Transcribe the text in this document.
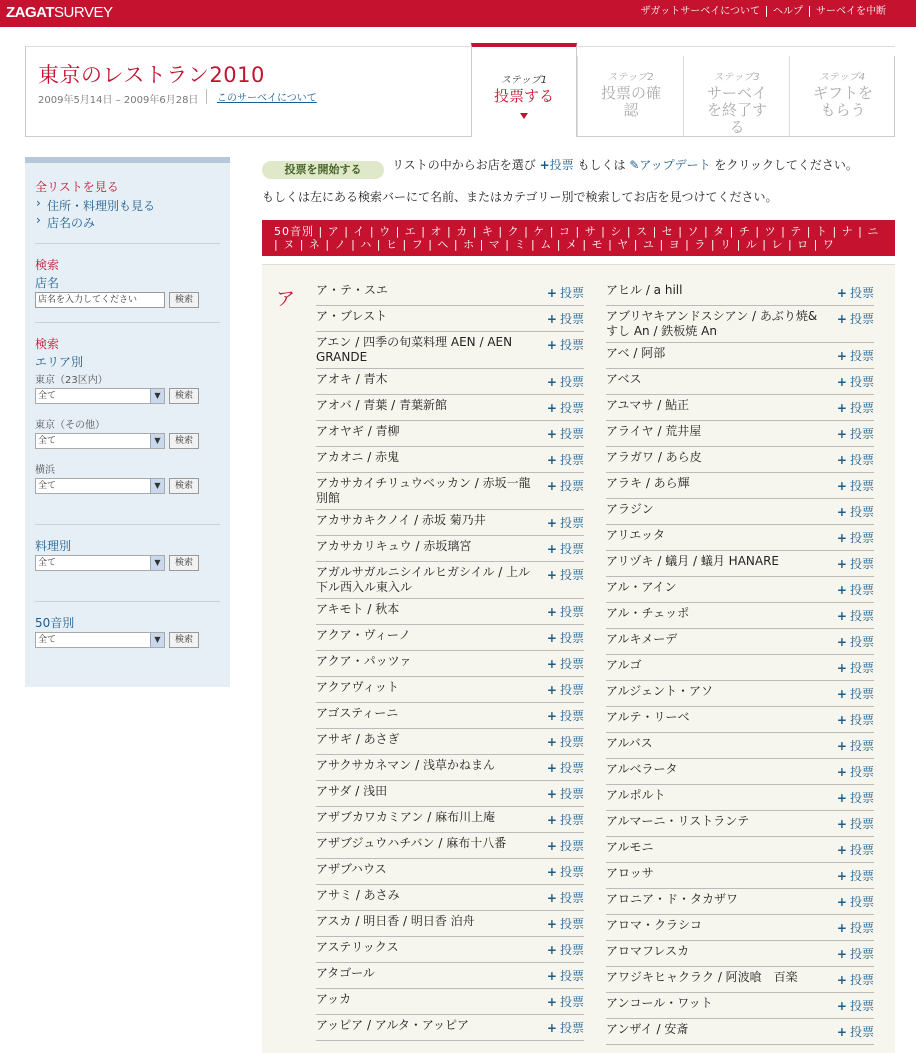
ZAGATSURVEY	ザガットサーベイについて	ヘルプ	サーベイを中断
東京のレストラン2010
2009年5月14日 – 2009年6月28日	このサーベイについて
ステップ1
投票する
ステップ2
投票の確認
ステップ3
サーベイを終了する
ステップ4
ギフトをもらう
全リストを見る
› 住所・料理別も見る
› 店名のみ
検索
店名
店名を入力してください	検索
検索
エリア別
東京（23区内）
全て	▼	検索
東京（その他）
全て	▼	検索
横浜
全て	▼	検索
料理別
全て	▼	検索
50音別
全て	▼	検索
投票を開始する	リストの中からお店を選び +投票 もしくは ✎アップデート をクリックしてください。
もしくは左にある検索バーにて名前、またはカテゴリー別で検索してお店を見つけてください。
50音別 | ア | イ | ウ | エ | オ | カ | キ | ク | ケ | コ | サ | シ | ス | セ | ソ | タ | チ | ツ | テ | ト | ナ | ニ
| ヌ | ネ | ノ | ハ | ヒ | フ | ヘ | ホ | マ | ミ | ム | メ | モ | ヤ | ユ | ヨ | ラ | リ | ル | レ | ロ | ワ
ア ア・テ・スエ	+ 投票
ア・ブレスト	+ 投票
アエン / 四季の旬菜料理 AEN / AEN GRANDE
+ 投票
アオキ / 青木	+ 投票
アオバ / 青葉 / 青葉新館	+ 投票
アオヤギ / 青柳	+ 投票
アカオニ / 赤鬼	+ 投票
アカサカイチリュウベッカン / 赤坂一龍 別館
+ 投票
アカサカキクノイ / 赤坂 菊乃井	+ 投票
アカサカリキュウ / 赤坂璃宮	+ 投票
アガルサガルニシイルヒガシイル / 上ル下ル西入ル東入ル
+ 投票
アキモト / 秋本	+ 投票
アクア・ヴィーノ	+ 投票
アクア・パッツァ	+ 投票
アクアヴィット	+ 投票
アゴスティーニ	+ 投票
アサギ / あさぎ	+ 投票
アサクサカネマン / 浅草かねまん	+ 投票
アサダ / 浅田	+ 投票
アザブカワカミアン / 麻布川上庵	+ 投票
アザブジュウハチバン / 麻布十八番	+ 投票
アザブハウス	+ 投票
アサミ / あさみ	+ 投票
アスカ / 明日香 / 明日香 泊舟	+ 投票
アステリックス	+ 投票
アタゴール	+ 投票
アッカ	+ 投票
アッピア / アルタ・アッピア	+ 投票
アヒル / a hill	+ 投票
アブリヤキアンドスシアン / あぶり焼&すし An / 鉄板焼 An
+ 投票
アベ / 阿部	+ 投票
アベス	+ 投票
アユマサ / 鮎正	+ 投票
アライヤ / 荒井屋	+ 投票
アラガワ / あら皮	+ 投票
アラキ / あら輝	+ 投票
アラジン	+ 投票
アリエッタ	+ 投票
アリヅキ / 蟻月 / 蟻月 HANARE	+ 投票
アル・アイン	+ 投票
アル・チェッポ	+ 投票
アルキメーデ	+ 投票
アルゴ	+ 投票
アルジェント・アソ	+ 投票
アルテ・リーベ	+ 投票
アルバス	+ 投票
アルベラータ	+ 投票
アルポルト	+ 投票
アルマーニ・リストランテ	+ 投票
アルモニ	+ 投票
アロッサ	+ 投票
アロニア・ド・タカザワ	+ 投票
アロマ・クラシコ	+ 投票
アロマフレスカ	+ 投票
アワジキヒャクラク / 阿波喰　百楽	+ 投票
アンコール・ワット	+ 投票
アンザイ / 安斎	+ 投票
